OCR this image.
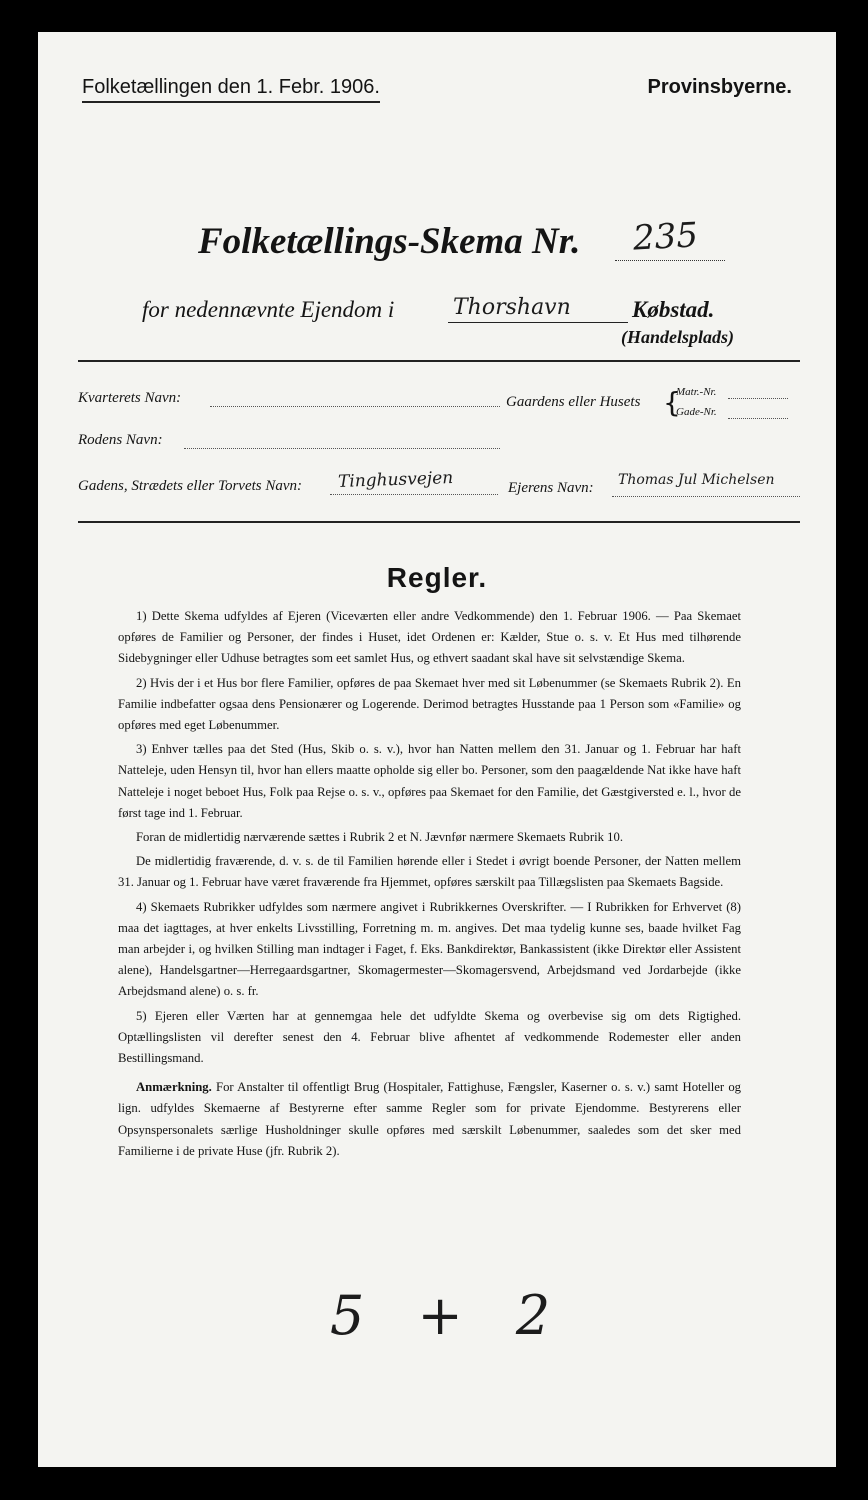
Folketællingen den 1. Febr. 1906.	Provinsbyerne.
Folketællings-Skema Nr. 235
for nedennævnte Ejendom i	Thorshavn	Købstad.
(Handelsplads)
Kvarterets Navn:	Gaardens eller Husets {
Matr.-Nr.
Gade-Nr.
Rodens Navn:
Gadens, Strædets eller Torvets Navn: Tinghusvejen	Ejerens Navn: Thomas Jul Michelsen
Regler.

1) Dette Skema udfyldes af Ejeren (Viceværten eller andre Vedkommende) den 1. Februar 1906. — Paa Skemaet opføres de Familier og Personer, der findes i Huset, idet Ordenen er: Kælder, Stue o. s. v. Et Hus med tilhørende Sidebygninger eller Udhuse betragtes som eet samlet Hus, og ethvert saadant skal have sit selvstændige Skema.

2) Hvis der i et Hus bor flere Familier, opføres de paa Skemaet hver med sit Løbenummer (se Skemaets Rubrik 2). En Familie indbefatter ogsaa dens Pensionærer og Logerende. Derimod betragtes Husstande paa 1 Person som «Familie» og opføres med eget Løbenummer.

3) Enhver tælles paa det Sted (Hus, Skib o. s. v.), hvor han Natten mellem den 31. Januar og 1. Februar har haft Natteleje, uden Hensyn til, hvor han ellers maatte opholde sig eller bo. Personer, som den paagældende Nat ikke have haft Natteleje i noget beboet Hus, Folk paa Rejse o. s. v., opføres paa Skemaet for den Familie, det Gæstgiversted e. l., hvor de først tage ind 1. Februar.

Foran de midlertidig nærværende sættes i Rubrik 2 et N. Jævnfør nærmere Skemaets Rubrik 10.

De midlertidig fraværende, d. v. s. de til Familien hørende eller i Stedet i øvrigt boende Personer, der Natten mellem 31. Januar og 1. Februar have været fraværende fra Hjemmet, opføres særskilt paa Tillægslisten paa Skemaets Bagside.

4) Skemaets Rubrikker udfyldes som nærmere angivet i Rubrikkernes Overskrifter. — I Rubrikken for Erhvervet (8) maa det iagttages, at hver enkelts Livsstilling, Forretning m. m. angives. Det maa tydelig kunne ses, baade hvilket Fag man arbejder i, og hvilken Stilling man indtager i Faget, f. Eks. Bankdirektør, Bankassistent (ikke Direktør eller Assistent alene), Handelsgartner—Herregaardsgartner, Skomagermester—Skomagersvend, Arbejdsmand ved Jordarbejde (ikke Arbejdsmand alene) o. s. fr.

5) Ejeren eller Værten har at gennemgaa hele det udfyldte Skema og overbevise sig om dets Rigtighed. Optællingslisten vil derefter senest den 4. Februar blive afhentet af vedkommende Rodemester eller anden Bestillingsmand.

Anmærkning. For Anstalter til offentligt Brug (Hospitaler, Fattighuse, Fængsler, Kaserner o. s. v.) samt Hoteller og lign. udfyldes Skemaerne af Bestyrerne efter samme Regler som for private Ejendomme. Bestyrerens eller Opsynspersonalets særlige Husholdninger skulle opføres med særskilt Løbenummer, saaledes som det sker med Familierne i de private Huse (jfr. Rubrik 2).

5 + 2
